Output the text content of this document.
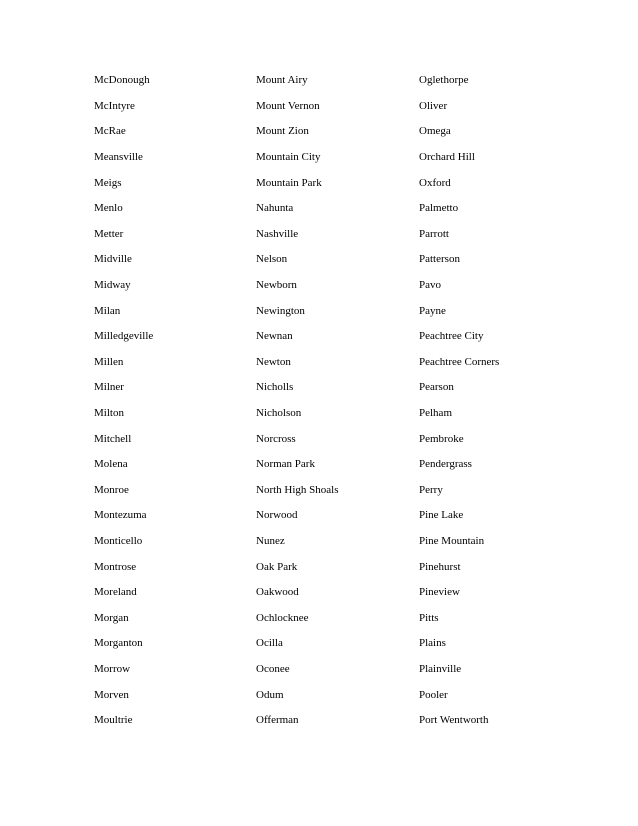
McDonough	Mount Airy	Oglethorpe
McIntyre	Mount Vernon	Oliver
McRae	Mount Zion	Omega
Meansville	Mountain City	Orchard Hill
Meigs	Mountain Park	Oxford
Menlo	Nahunta	Palmetto
Metter	Nashville	Parrott
Midville	Nelson	Patterson
Midway	Newborn	Pavo
Milan	Newington	Payne
Milledgeville	Newnan	Peachtree City
Millen	Newton	Peachtree Corners
Milner	Nicholls	Pearson
Milton	Nicholson	Pelham
Mitchell	Norcross	Pembroke
Molena	Norman Park	Pendergrass
Monroe	North High Shoals	Perry
Montezuma	Norwood	Pine Lake
Monticello	Nunez	Pine Mountain
Montrose	Oak Park	Pinehurst
Moreland	Oakwood	Pineview
Morgan	Ochlocknee	Pitts
Morganton	Ocilla	Plains
Morrow	Oconee	Plainville
Morven	Odum	Pooler
Moultrie	Offerman	Port Wentworth
